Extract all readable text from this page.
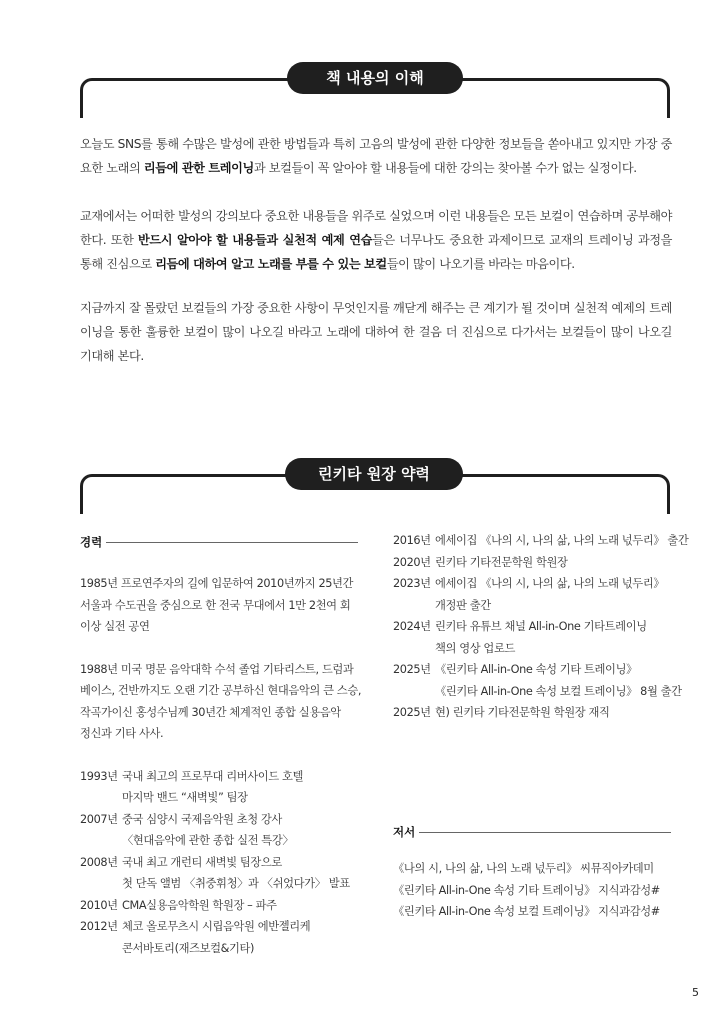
책 내용의 이해

오늘도 SNS를 통해 수많은 발성에 관한 방법들과 특히 고음의 발성에 관한 다양한 정보들을 쏟아내고 있지만 가장 중요한 노래의 리듬에 관한 트레이닝과 보컬들이 꼭 알아야 할 내용들에 대한 강의는 찾아볼 수가 없는 실정이다.

교재에서는 어떠한 발성의 강의보다 중요한 내용들을 위주로 실었으며 이런 내용들은 모든 보컬이 연습하며 공부해야 한다. 또한 반드시 알아야 할 내용들과 실천적 예제 연습들은 너무나도 중요한 과제이므로 교재의 트레이닝 과정을 통해 진심으로 리듬에 대하여 알고 노래를 부를 수 있는 보컬들이 많이 나오기를 바라는 마음이다.

지금까지 잘 몰랐던 보컬들의 가장 중요한 사항이 무엇인지를 깨닫게 해주는 큰 계기가 될 것이며 실천적 예제의 트레이닝을 통한 훌륭한 보컬이 많이 나오길 바라고 노래에 대하여 한 걸음 더 진심으로 다가서는 보컬들이 많이 나오길 기대해 본다.

린키타 원장 약력
경력
1985년 프로연주자의 길에 입문하여 2010년까지 25년간
서울과 수도권을 중심으로 한 전국 무대에서 1만 2천여 회
이상 실전 공연
1988년 미국 명문 음악대학 수석 졸업 기타리스트, 드럼과
베이스, 건반까지도 오랜 기간 공부하신 현대음악의 큰 스승,
작곡가이신 홍성수님께 30년간 체계적인 종합 실용음악
정신과 기타 사사.
1993년 국내 최고의 프로무대 리버사이드 호텔
마지막 밴드 “새벽빛” 팀장
2007년 중국 심양시 국제음악원 초청 강사
〈현대음악에 관한 종합 실전 특강〉
2008년 국내 최고 개런티 새벽빛 팀장으로
첫 단독 앨범 〈취중휘청〉과 〈쉬었다가〉 발표
2010년 CMA실용음악학원 학원장 – 파주
2012년 체코 올로무츠시 시립음악원 에반젤리케
콘서바토리(재즈보컬&기타)
2016년 에세이집 《나의 시, 나의 삶, 나의 노래 넋두리》 출간
2020년 린키타 기타전문학원 학원장
2023년 에세이집 《나의 시, 나의 삶, 나의 노래 넋두리》
개정판 출간
2024년 린키타 유튜브 채널 All-in-One 기타트레이닝
책의 영상 업로드
2025년 《린키타 All-in-One 속성 기타 트레이닝》
《린키타 All-in-One 속성 보컬 트레이닝》 8월 출간
2025년 현) 린키타 기타전문학원 학원장 재직
저서
《나의 시, 나의 삶, 나의 노래 넋두리》 씨뮤직아카데미
《린키타 All-in-One 속성 기타 트레이닝》 지식과감성#
《린키타 All-in-One 속성 보컬 트레이닝》 지식과감성#
5
